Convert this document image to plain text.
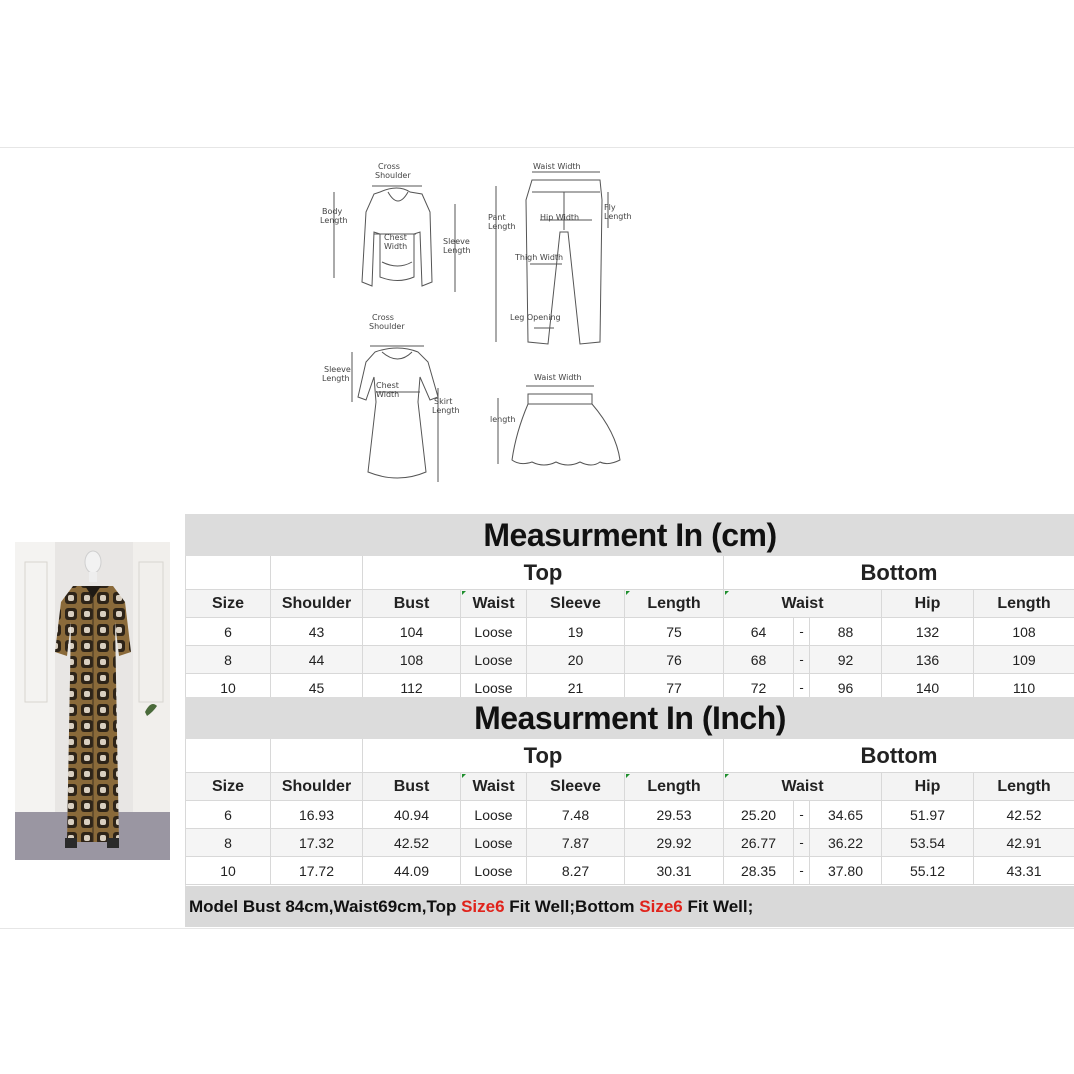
Cross
Shoulder
Body
Length
Chest
Width
Sleeve
Length
Waist Width
Pant
Length
Hip Width
Fly
Length
Thigh Width
Leg Opening
Cross
Shoulder
Sleeve
Length
Chest
Width
Skirt
Length
Waist Width
length
Measurment In (cm)										
		Top				Bottom				
Size	Shoulder	Bust	Waist	Sleeve	Length	Waist			Hip	Length
6	43	104	Loose	19	75	64	-	88	132	108
8	44	108	Loose	20	76	68	-	92	136	109
10	45	112	Loose	21	77	72	-	96	140	110
Measurment In (Inch)										
		Top				Bottom				
Size	Shoulder	Bust	Waist	Sleeve	Length	Waist			Hip	Length
6	16.93	40.94	Loose	7.48	29.53	25.20	-	34.65	51.97	42.52
8	17.32	42.52	Loose	7.87	29.92	26.77	-	36.22	53.54	42.91
10	17.72	44.09	Loose	8.27	30.31	28.35	-	37.80	55.12	43.31
Model Bust 84cm,Waist69cm,Top Size6 Fit Well;Bottom Size6 Fit Well;
